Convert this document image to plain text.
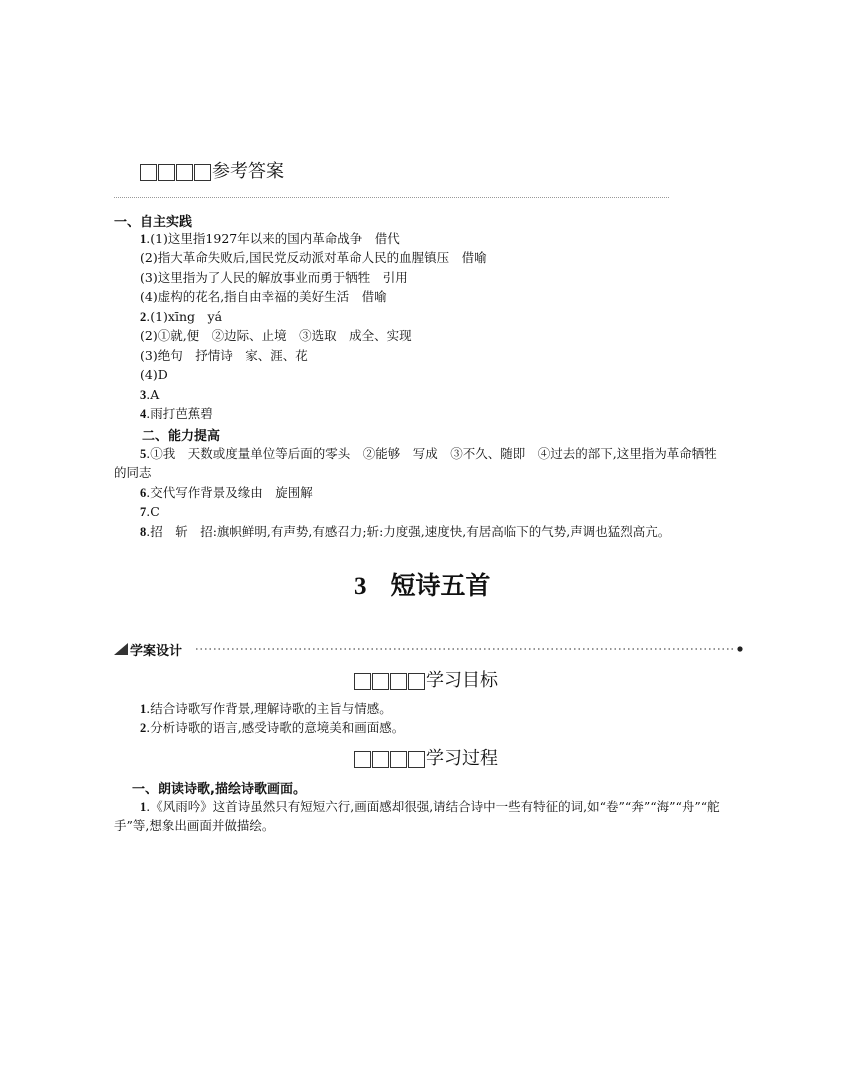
参考答案
一、自主实践
1.(1)这里指1927年以来的国内革命战争　借代
(2)指大革命失败后,国民党反动派对革命人民的血腥镇压　借喻
(3)这里指为了人民的解放事业而勇于牺牲　引用
(4)虚构的花名,指自由幸福的美好生活　借喻
2.(1)xīng　yá
(2)①就,便　②边际、止境　③选取　成全、实现
(3)绝句　抒情诗　家、涯、花
(4)D
3.A
4.雨打芭蕉碧
二、能力提高
5.①我　天数或度量单位等后面的零头　②能够　写成　③不久、随即　④过去的部下,这里指为革命牺牲
的同志
6.交代写作背景及缘由　旋围解
7.C
8.招　斩　招:旗帜鲜明,有声势,有感召力;斩:力度强,速度快,有居高临下的气势,声调也猛烈高亢。
3 短诗五首
学案设计
学习目标
1.结合诗歌写作背景,理解诗歌的主旨与情感。
2.分析诗歌的语言,感受诗歌的意境美和画面感。
学习过程
一、朗读诗歌,描绘诗歌画面。
1.《风雨吟》这首诗虽然只有短短六行,画面感却很强,请结合诗中一些有特征的词,如“卷”“奔”“海”“舟”“舵
手”等,想象出画面并做描绘。
